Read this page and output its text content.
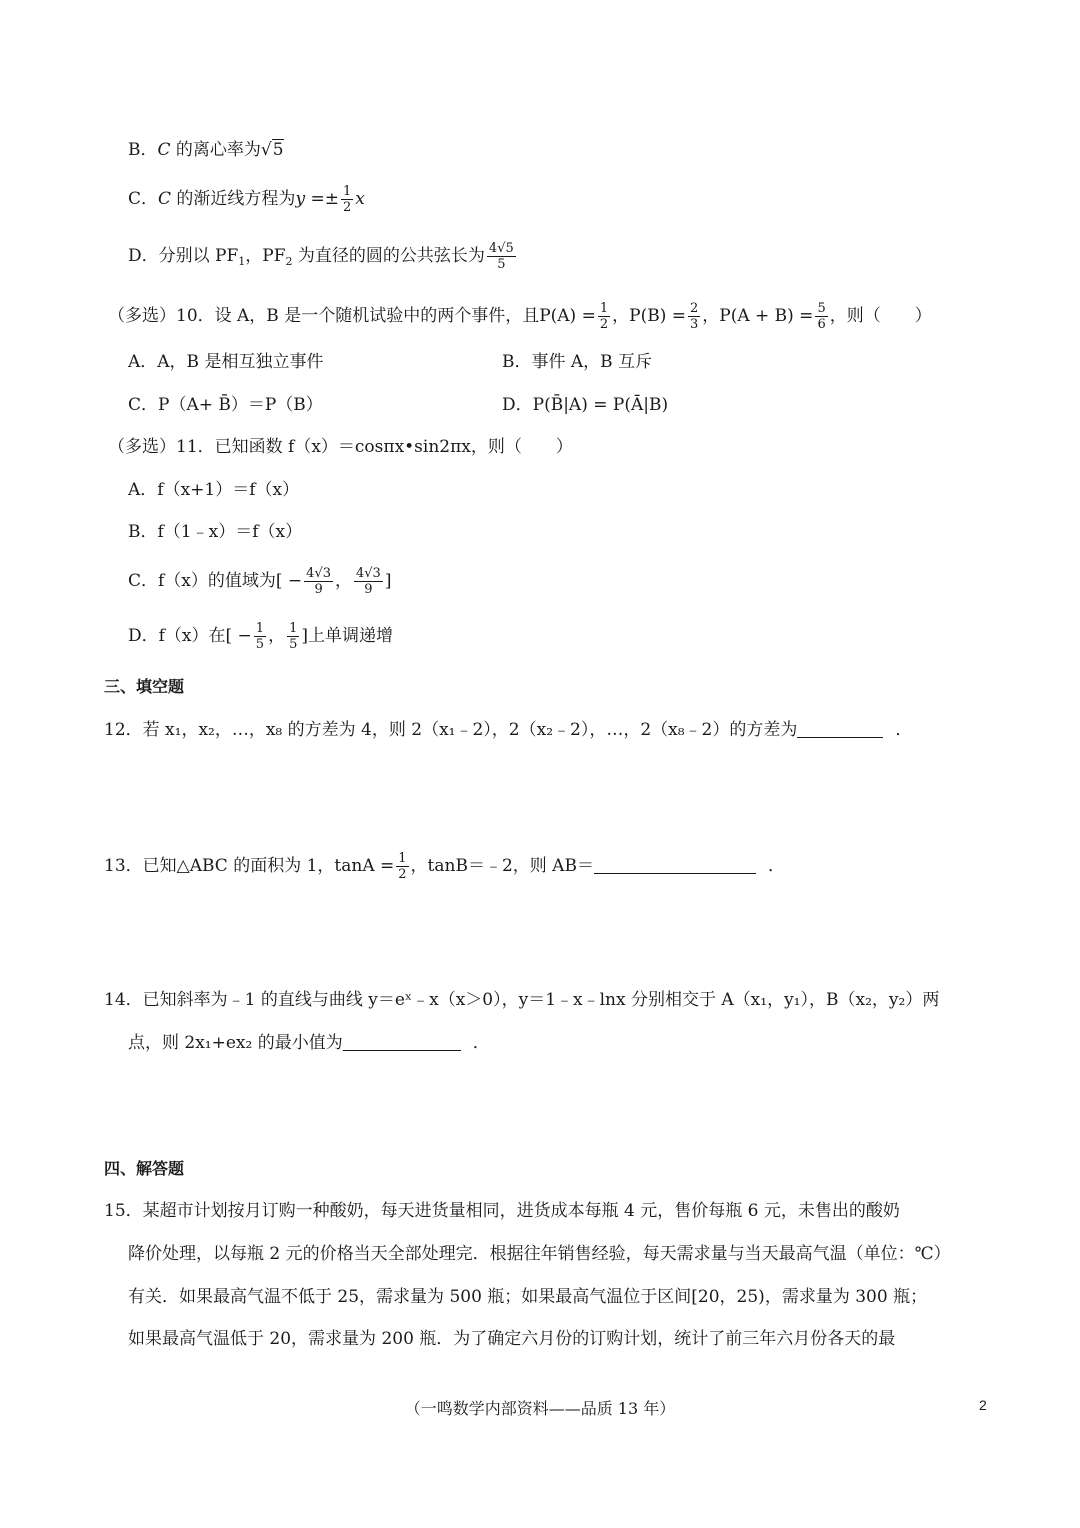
B．C 的离心率为√5
C．C 的渐近线方程为$y =\pm \frac{1}{2}$ x
D．分别以 $PF_1$，$PF_2$ 为直径的圆的公共弦长为 $\frac{4√5}{5}$
（多选）10．设 A，B 是一个随机试验中的两个事件，且$P(A) = \frac{1}{2}$ ，$P(B) = \frac{2}{3}$ ，$P(A + B) = \frac{5}{6}$ ，则（　　）
A．A，B 是相互独立事件	B．事件 A，B 互斥
C．P（A+ B̄）＝P（B）	D．P(B̄|A) = P(Ā|B)
（多选）11．已知函数 f（x）＝cosπx•sin2πx，则（　　）
A．f（x+1）＝f（x）
B．f（1﹣x）＝f（x）
C．f（x）的值域为[ − $\frac{4√3}{9}$ ， $\frac{4√3}{9}$ ]
D．f（x）在[ − $\frac{1}{5}$ ， $\frac{1}{5}$ ]上单调递增
三、填空题
12．若 x₁，x₂，…，x₈ 的方差为 4，则 2（x₁﹣2），2（x₂﹣2），…，2（x₈﹣2）的方差为	．
13．已知△ABC 的面积为 1，$\tan A = \frac{1}{2}$ ，tanB＝﹣2，则 AB＝	．
14．已知斜率为﹣1 的直线与曲线 y＝eˣ﹣x（x＞0），y＝1﹣x﹣lnx 分别相交于 A（x₁，y₁），B（x₂，y₂）两
点，则 2x₁+ex₂ 的最小值为	．
四、解答题
15．某超市计划按月订购一种酸奶，每天进货量相同，进货成本每瓶 4 元，售价每瓶 6 元，未售出的酸奶
降价处理，以每瓶 2 元的价格当天全部处理完．根据往年销售经验，每天需求量与当天最高气温（单位：℃）
有关．如果最高气温不低于 25，需求量为 500 瓶；如果最高气温位于区间[20，25)，需求量为 300 瓶；
如果最高气温低于 20，需求量为 200 瓶．为了确定六月份的订购计划，统计了前三年六月份各天的最
（一鸣数学内部资料——品质 13 年）	2
